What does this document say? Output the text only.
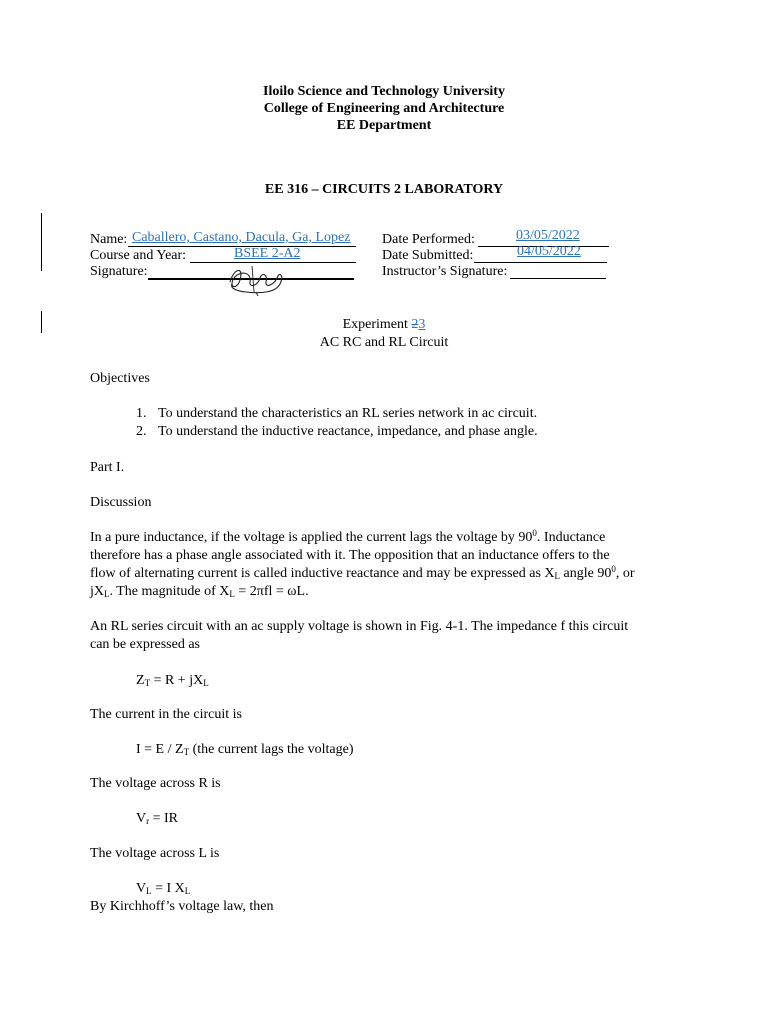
Iloilo Science and Technology University
College of Engineering and Architecture
EE Department
EE 316 – CIRCUITS 2 LABORATORY
Name: Caballero, Castano, Dacula, Ga, Lopez
Course and Year:	BSEE 2-A2
Signature:
Date Performed:	03/05/2022
Date Submitted:	04/05/2022
Instructor’s Signature:
Experiment 23
AC RC and RL Circuit
Objectives
1. To understand the characteristics an RL series network in ac circuit.
2. To understand the inductive reactance, impedance, and phase angle.
Part I.
Discussion
In a pure inductance, if the voltage is applied the current lags the voltage by $90^0$. Inductance
therefore has a phase angle associated with it. The opposition that an inductance offers to the
flow of alternating current is called inductive reactance and may be expressed as $X_L$ angle $90^0$, or
$jX_L$. The magnitude of $X_L = 2\pi fl = \omega L$.
An RL series circuit with an ac supply voltage is shown in Fig. 4-1. The impedance f this circuit
can be expressed as
$Z_T = R + jX_L$
The current in the circuit is
$I = E / Z_T$ (the current lags the voltage)
The voltage across R is
$V_r$ = IR
The voltage across L is
$V_L = I$ $X_L$
By Kirchhoff’s voltage law, then
